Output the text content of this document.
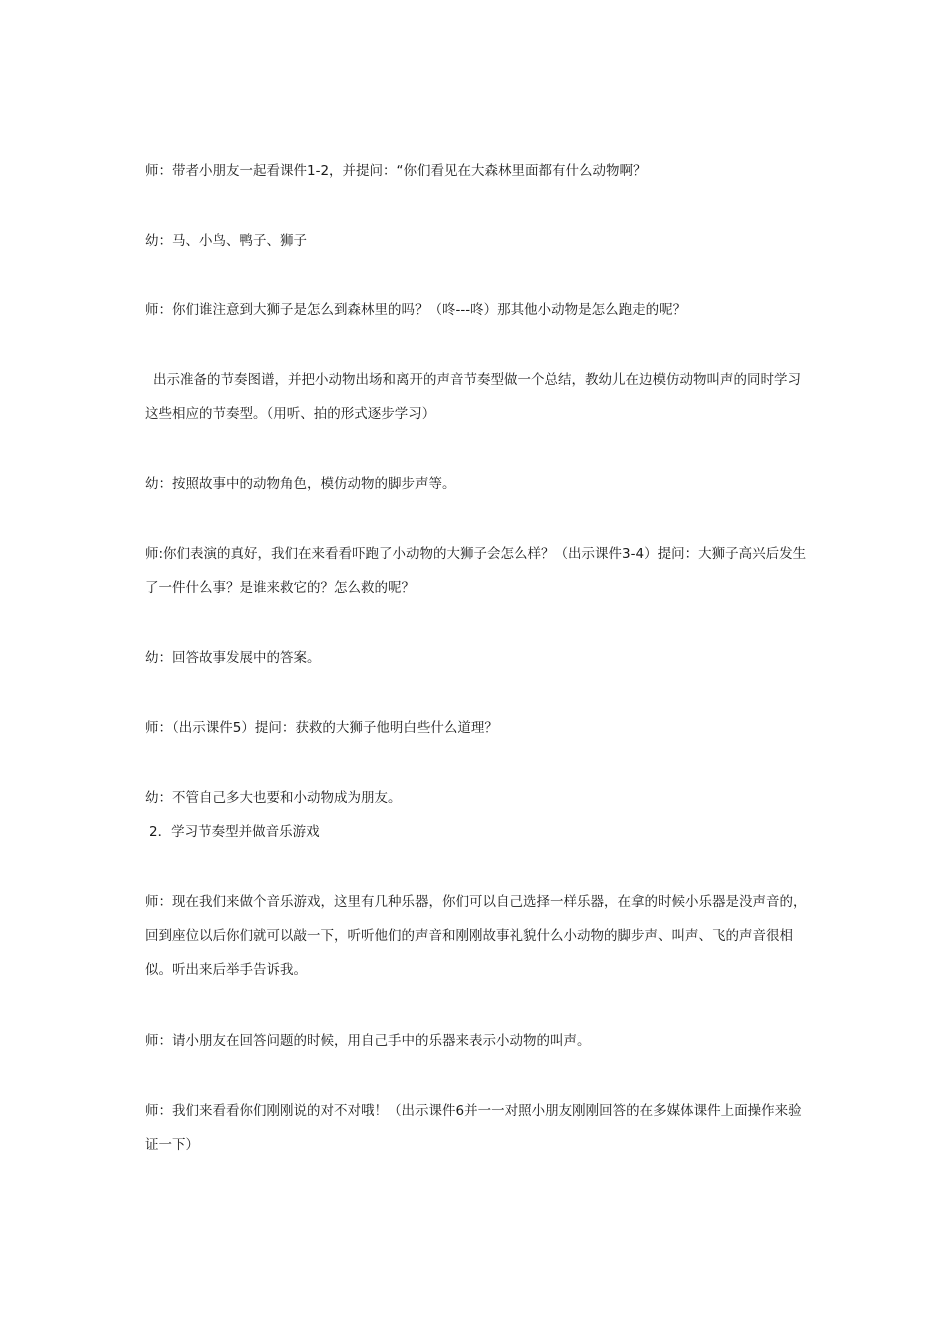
师：带者小朋友一起看课件1-2，并提问：“你们看见在大森林里面都有什么动物啊？

幼：马、小鸟、鸭子、狮子

师：你们谁注意到大狮子是怎么到森林里的吗？（咚---咚）那其他小动物是怎么跑走的呢？

出示准备的节奏图谱，并把小动物出场和离开的声音节奏型做一个总结，教幼儿在边模仿动物叫声的同时学习这些相应的节奏型。（用听、拍的形式逐步学习）

幼：按照故事中的动物角色，模仿动物的脚步声等。

师:你们表演的真好，我们在来看看吓跑了小动物的大狮子会怎么样？（出示课件3-4）提问：大狮子高兴后发生了一件什么事？是谁来救它的？怎么救的呢？

幼：回答故事发展中的答案。

师：（出示课件5）提问：获救的大狮子他明白些什么道理？

幼：不管自己多大也要和小动物成为朋友。

2．学习节奏型并做音乐游戏

师：现在我们来做个音乐游戏，这里有几种乐器，你们可以自己选择一样乐器，在拿的时候小乐器是没声音的，回到座位以后你们就可以敲一下，听听他们的声音和刚刚故事礼貌什么小动物的脚步声、叫声、飞的声音很相似。听出来后举手告诉我。

师：请小朋友在回答问题的时候，用自己手中的乐器来表示小动物的叫声。

师：我们来看看你们刚刚说的对不对哦！（出示课件6并一一对照小朋友刚刚回答的在多媒体课件上面操作来验证一下）
